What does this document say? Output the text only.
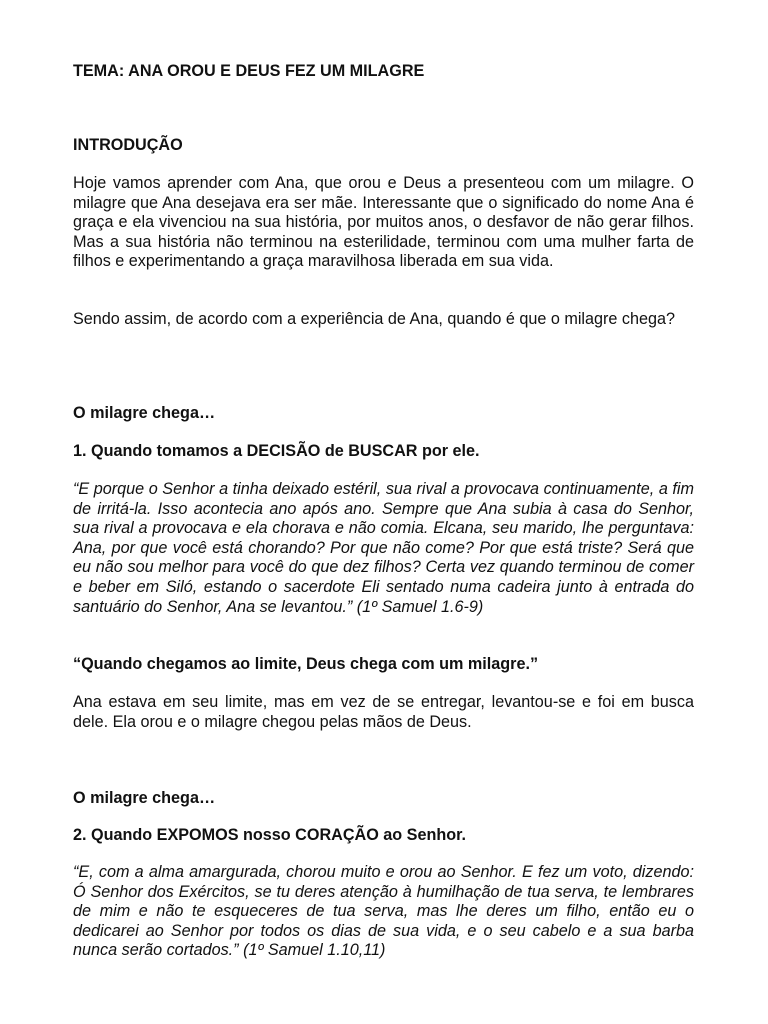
TEMA: ANA OROU E DEUS FEZ UM MILAGRE

INTRODUÇÃO

Hoje vamos aprender com Ana, que orou e Deus a presenteou com um milagre. O milagre que Ana desejava era ser mãe. Interessante que o significado do nome Ana é graça e ela vivenciou na sua história, por muitos anos, o desfavor de não gerar filhos. Mas a sua história não terminou na esterilidade, terminou com uma mulher farta de filhos e experimentando a graça maravilhosa liberada em sua vida.

Sendo assim, de acordo com a experiência de Ana, quando é que o milagre chega?

O milagre chega…

1. Quando tomamos a DECISÃO de BUSCAR por ele.

“E porque o Senhor a tinha deixado estéril, sua rival a provocava continuamente, a fim de irritá-la. Isso acontecia ano após ano. Sempre que Ana subia à casa do Senhor, sua rival a provocava e ela chorava e não comia. Elcana, seu marido, lhe perguntava: Ana, por que você está chorando? Por que não come? Por que está triste? Será que eu não sou melhor para você do que dez filhos? Certa vez quando terminou de comer e beber em Siló, estando o sacerdote Eli sentado numa cadeira junto à entrada do santuário do Senhor, Ana se levantou.” (1º Samuel 1.6-9)

“Quando chegamos ao limite, Deus chega com um milagre.”

Ana estava em seu limite, mas em vez de se entregar, levantou-se e foi em busca dele. Ela orou e o milagre chegou pelas mãos de Deus.

O milagre chega…

2. Quando EXPOMOS nosso CORAÇÃO ao Senhor.

“E, com a alma amargurada, chorou muito e orou ao Senhor. E fez um voto, dizendo: Ó Senhor dos Exércitos, se tu deres atenção à humilhação de tua serva, te lembrares de mim e não te esqueceres de tua serva, mas lhe deres um filho, então eu o dedicarei ao Senhor por todos os dias de sua vida, e o seu cabelo e a sua barba nunca serão cortados.” (1º Samuel 1.10,11)
